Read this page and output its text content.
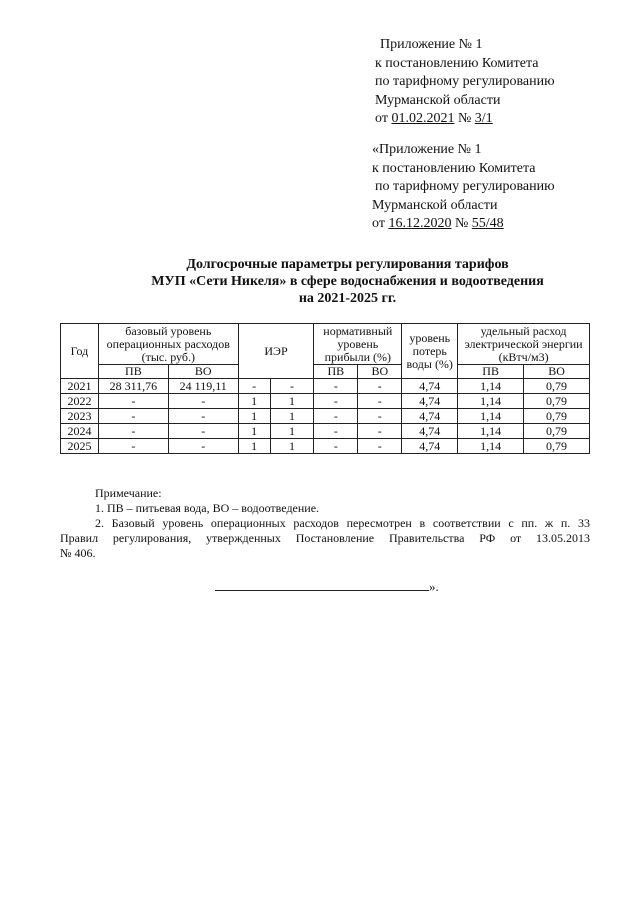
Приложение № 1
к постановлению Комитета
по тарифному регулированию
Мурманской области
от 01.02.2021 № 3/1
«Приложение № 1
к постановлению Комитета
по тарифному регулированию
Мурманской области
от 16.12.2020 № 55/48
Долгосрочные параметры регулирования тарифов
МУП «Сети Никеля» в сфере водоснабжения и водоотведения
на 2021-2025 гг.
Год	базовый уровень операционных расходов (тыс. руб.)		ИЭР		нормативный уровень прибыли (%)		уровень потерь воды (%)	удельный расход электрической энергии (кВтч/м3)	
	ПВ	ВО			ПВ	ВО		ПВ	ВО
2021	28 311,76	24 119,11	-	-	-	-	4,74	1,14	0,79
2022	-	-	1	1	-	-	4,74	1,14	0,79
2023	-	-	1	1	-	-	4,74	1,14	0,79
2024	-	-	1	1	-	-	4,74	1,14	0,79
2025	-	-	1	1	-	-	4,74	1,14	0,79
Примечание:
1. ПВ – питьевая вода, ВО – водоотведение.
2. Базовый уровень операционных расходов пересмотрен в соответствии с пп. ж п. 33
Правил регулирования, утвержденных Постановление Правительства РФ от 13.05.2013
№ 406.
».
